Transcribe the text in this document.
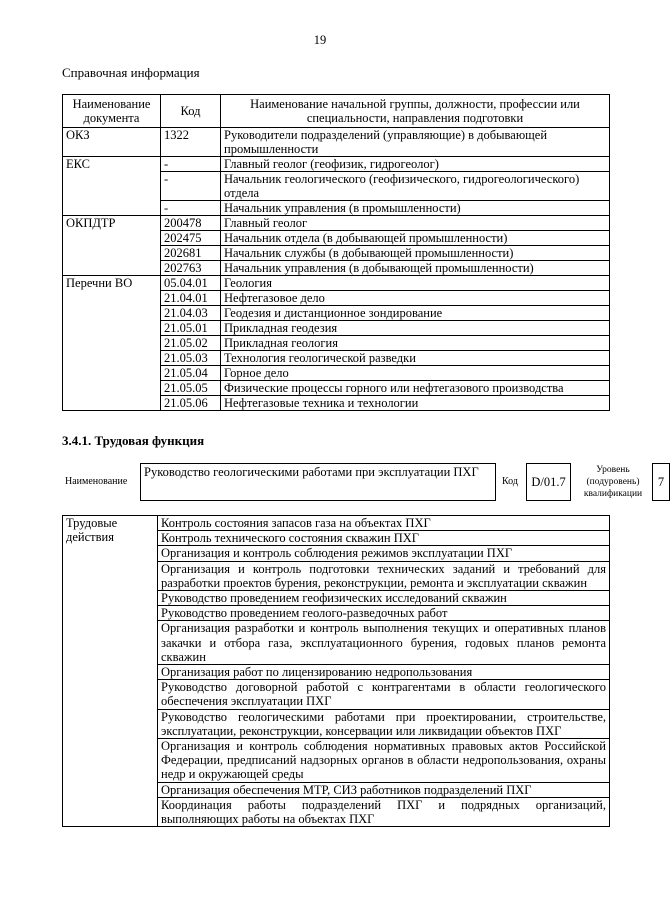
19
Справочная информация
Наименование документа	Код	Наименование начальной группы, должности, профессии или специальности, направления подготовки
ОКЗ	1322	Руководители подразделений (управляющие) в добывающей промышленности
ЕКС	-	Главный геолог (геофизик, гидрогеолог)
	-	Начальник геологического (геофизического, гидрогеологического) отдела
	-	Начальник управления (в промышленности)
ОКПДТР	200478	Главный геолог
	202475	Начальник отдела (в добывающей промышленности)
	202681	Начальник службы (в добывающей промышленности)
	202763	Начальник управления (в добывающей промышленности)
Перечни ВО	05.04.01	Геология
	21.04.01	Нефтегазовое дело
	21.04.03	Геодезия и дистанционное зондирование
	21.05.01	Прикладная геодезия
	21.05.02	Прикладная геология
	21.05.03	Технология геологической разведки
	21.05.04	Горное дело
	21.05.05	Физические процессы горного или нефтегазового производства
	21.05.06	Нефтегазовые техника и технологии
3.4.1. Трудовая функция
Наименование
Руководство геологическими работами при эксплуатации ПХГ
Код	D/01.7
Уровень (подуровень) квалификации
7
Трудовые действия	Контроль состояния запасов газа на объектах ПХГ
Контроль технического состояния скважин ПХГ
Организация и контроль соблюдения режимов эксплуатации ПХГ
Организация и контроль подготовки технических заданий и требований для разработки проектов бурения, реконструкции, ремонта и эксплуатации скважин
Руководство проведением геофизических исследований скважин
Руководство проведением геолого-разведочных работ
Организация разработки и контроль выполнения текущих и оперативных планов закачки и отбора газа, эксплуатационного бурения, годовых планов ремонта скважин
Организация работ по лицензированию недропользования
Руководство договорной работой с контрагентами в области геологического обеспечения эксплуатации ПХГ
Руководство геологическими работами при проектировании, строительстве, эксплуатации, реконструкции, консервации или ликвидации объектов ПХГ
Организация и контроль соблюдения нормативных правовых актов Российской Федерации, предписаний надзорных органов в области недропользования, охраны недр и окружающей среды
Организация обеспечения МТР, СИЗ работников подразделений ПХГ
Координация работы подразделений ПХГ и подрядных организаций, выполняющих работы на объектах ПХГ
